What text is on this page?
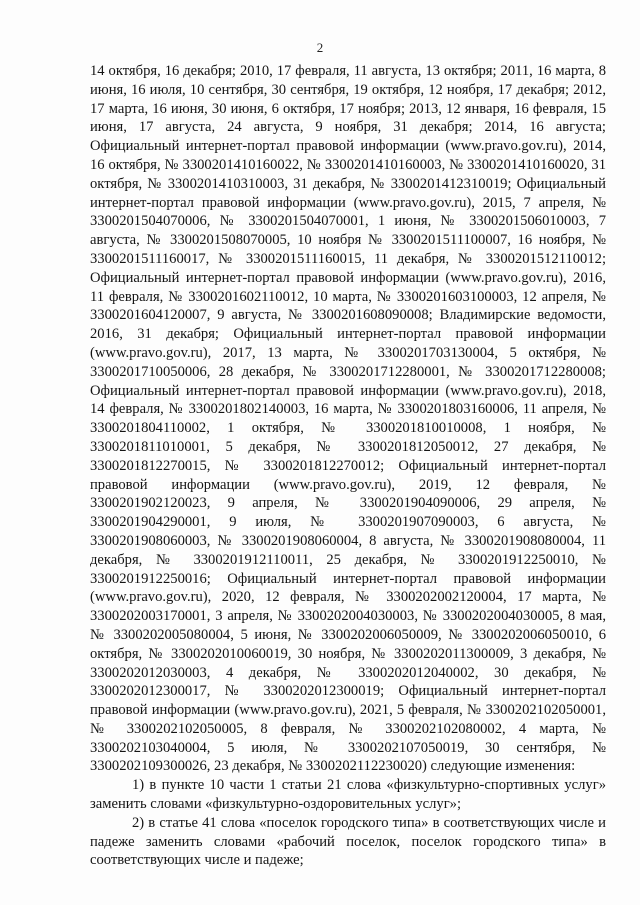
2

14 октября, 16 декабря; 2010, 17 февраля, 11 августа, 13 октября; 2011, 16 марта, 8 июня, 16 июля, 10 сентября, 30 сентября, 19 октября, 12 ноября, 17 декабря; 2012, 17 марта, 16 июня, 30 июня, 6 октября, 17 ноября; 2013, 12 января, 16 февраля, 15 июня, 17 августа, 24 августа, 9 ноября, 31 декабря; 2014, 16 августа; Официальный интернет-портал правовой информации (www.pravo.gov.ru), 2014, 16 октября, № 3300201410160022, № 3300201410160003, № 3300201410160020, 31 октября, № 3300201410310003, 31 декабря, № 3300201412310019; Официальный интернет-портал правовой информации (www.pravo.gov.ru), 2015, 7 апреля, № 3300201504070006, № 3300201504070001, 1 июня, № 3300201506010003, 7 августа, № 3300201508070005, 10 ноября № 3300201511100007, 16 ноября, № 3300201511160017, № 3300201511160015, 11 декабря, № 3300201512110012; Официальный интернет-портал правовой информации (www.pravo.gov.ru), 2016, 11 февраля, № 3300201602110012, 10 марта, № 3300201603100003, 12 апреля, № 3300201604120007, 9 августа, № 3300201608090008; Владимирские ведомости, 2016, 31 декабря; Официальный интернет-портал правовой информации (www.pravo.gov.ru), 2017, 13 марта, № 3300201703130004, 5 октября, № 3300201710050006, 28 декабря, № 3300201712280001, № 3300201712280008; Официальный интернет-портал правовой информации (www.pravo.gov.ru), 2018, 14 февраля, № 3300201802140003, 16 марта, № 3300201803160006, 11 апреля, № 3300201804110002, 1 октября, № 3300201810010008, 1 ноября, № 3300201811010001, 5 декабря, № 3300201812050012, 27 декабря, № 3300201812270015, № 3300201812270012; Официальный интернет-портал правовой информации (www.pravo.gov.ru), 2019, 12 февраля, № 3300201902120023, 9 апреля, № 3300201904090006, 29 апреля, № 3300201904290001, 9 июля, № 3300201907090003, 6 августа, № 3300201908060003, № 3300201908060004, 8 августа, № 3300201908080004, 11 декабря, № 3300201912110011, 25 декабря, № 3300201912250010, № 3300201912250016; Официальный интернет-портал правовой информации (www.pravo.gov.ru), 2020, 12 февраля, № 3300202002120004, 17 марта, № 3300202003170001, 3 апреля, № 3300202004030003, № 3300202004030005, 8 мая, № 3300202005080004, 5 июня, № 3300202006050009, № 3300202006050010, 6 октября, № 3300202010060019, 30 ноября, № 3300202011300009, 3 декабря, № 3300202012030003, 4 декабря, № 3300202012040002, 30 декабря, № 3300202012300017, № 3300202012300019; Официальный интернет-портал правовой информации (www.pravo.gov.ru), 2021, 5 февраля, № 3300202102050001, № 3300202102050005, 8 февраля, № 3300202102080002, 4 марта, № 3300202103040004, 5 июля, № 3300202107050019, 30 сентября, № 3300202109300026, 23 декабря, № 3300202112230020) следующие изменения:

1) в пункте 10 части 1 статьи 21 слова «физкультурно-спортивных услуг» заменить словами «физкультурно-оздоровительных услуг»;

2) в статье 41 слова «поселок городского типа» в соответствующих числе и падеже заменить словами «рабочий поселок, поселок городского типа» в соответствующих числе и падеже;
